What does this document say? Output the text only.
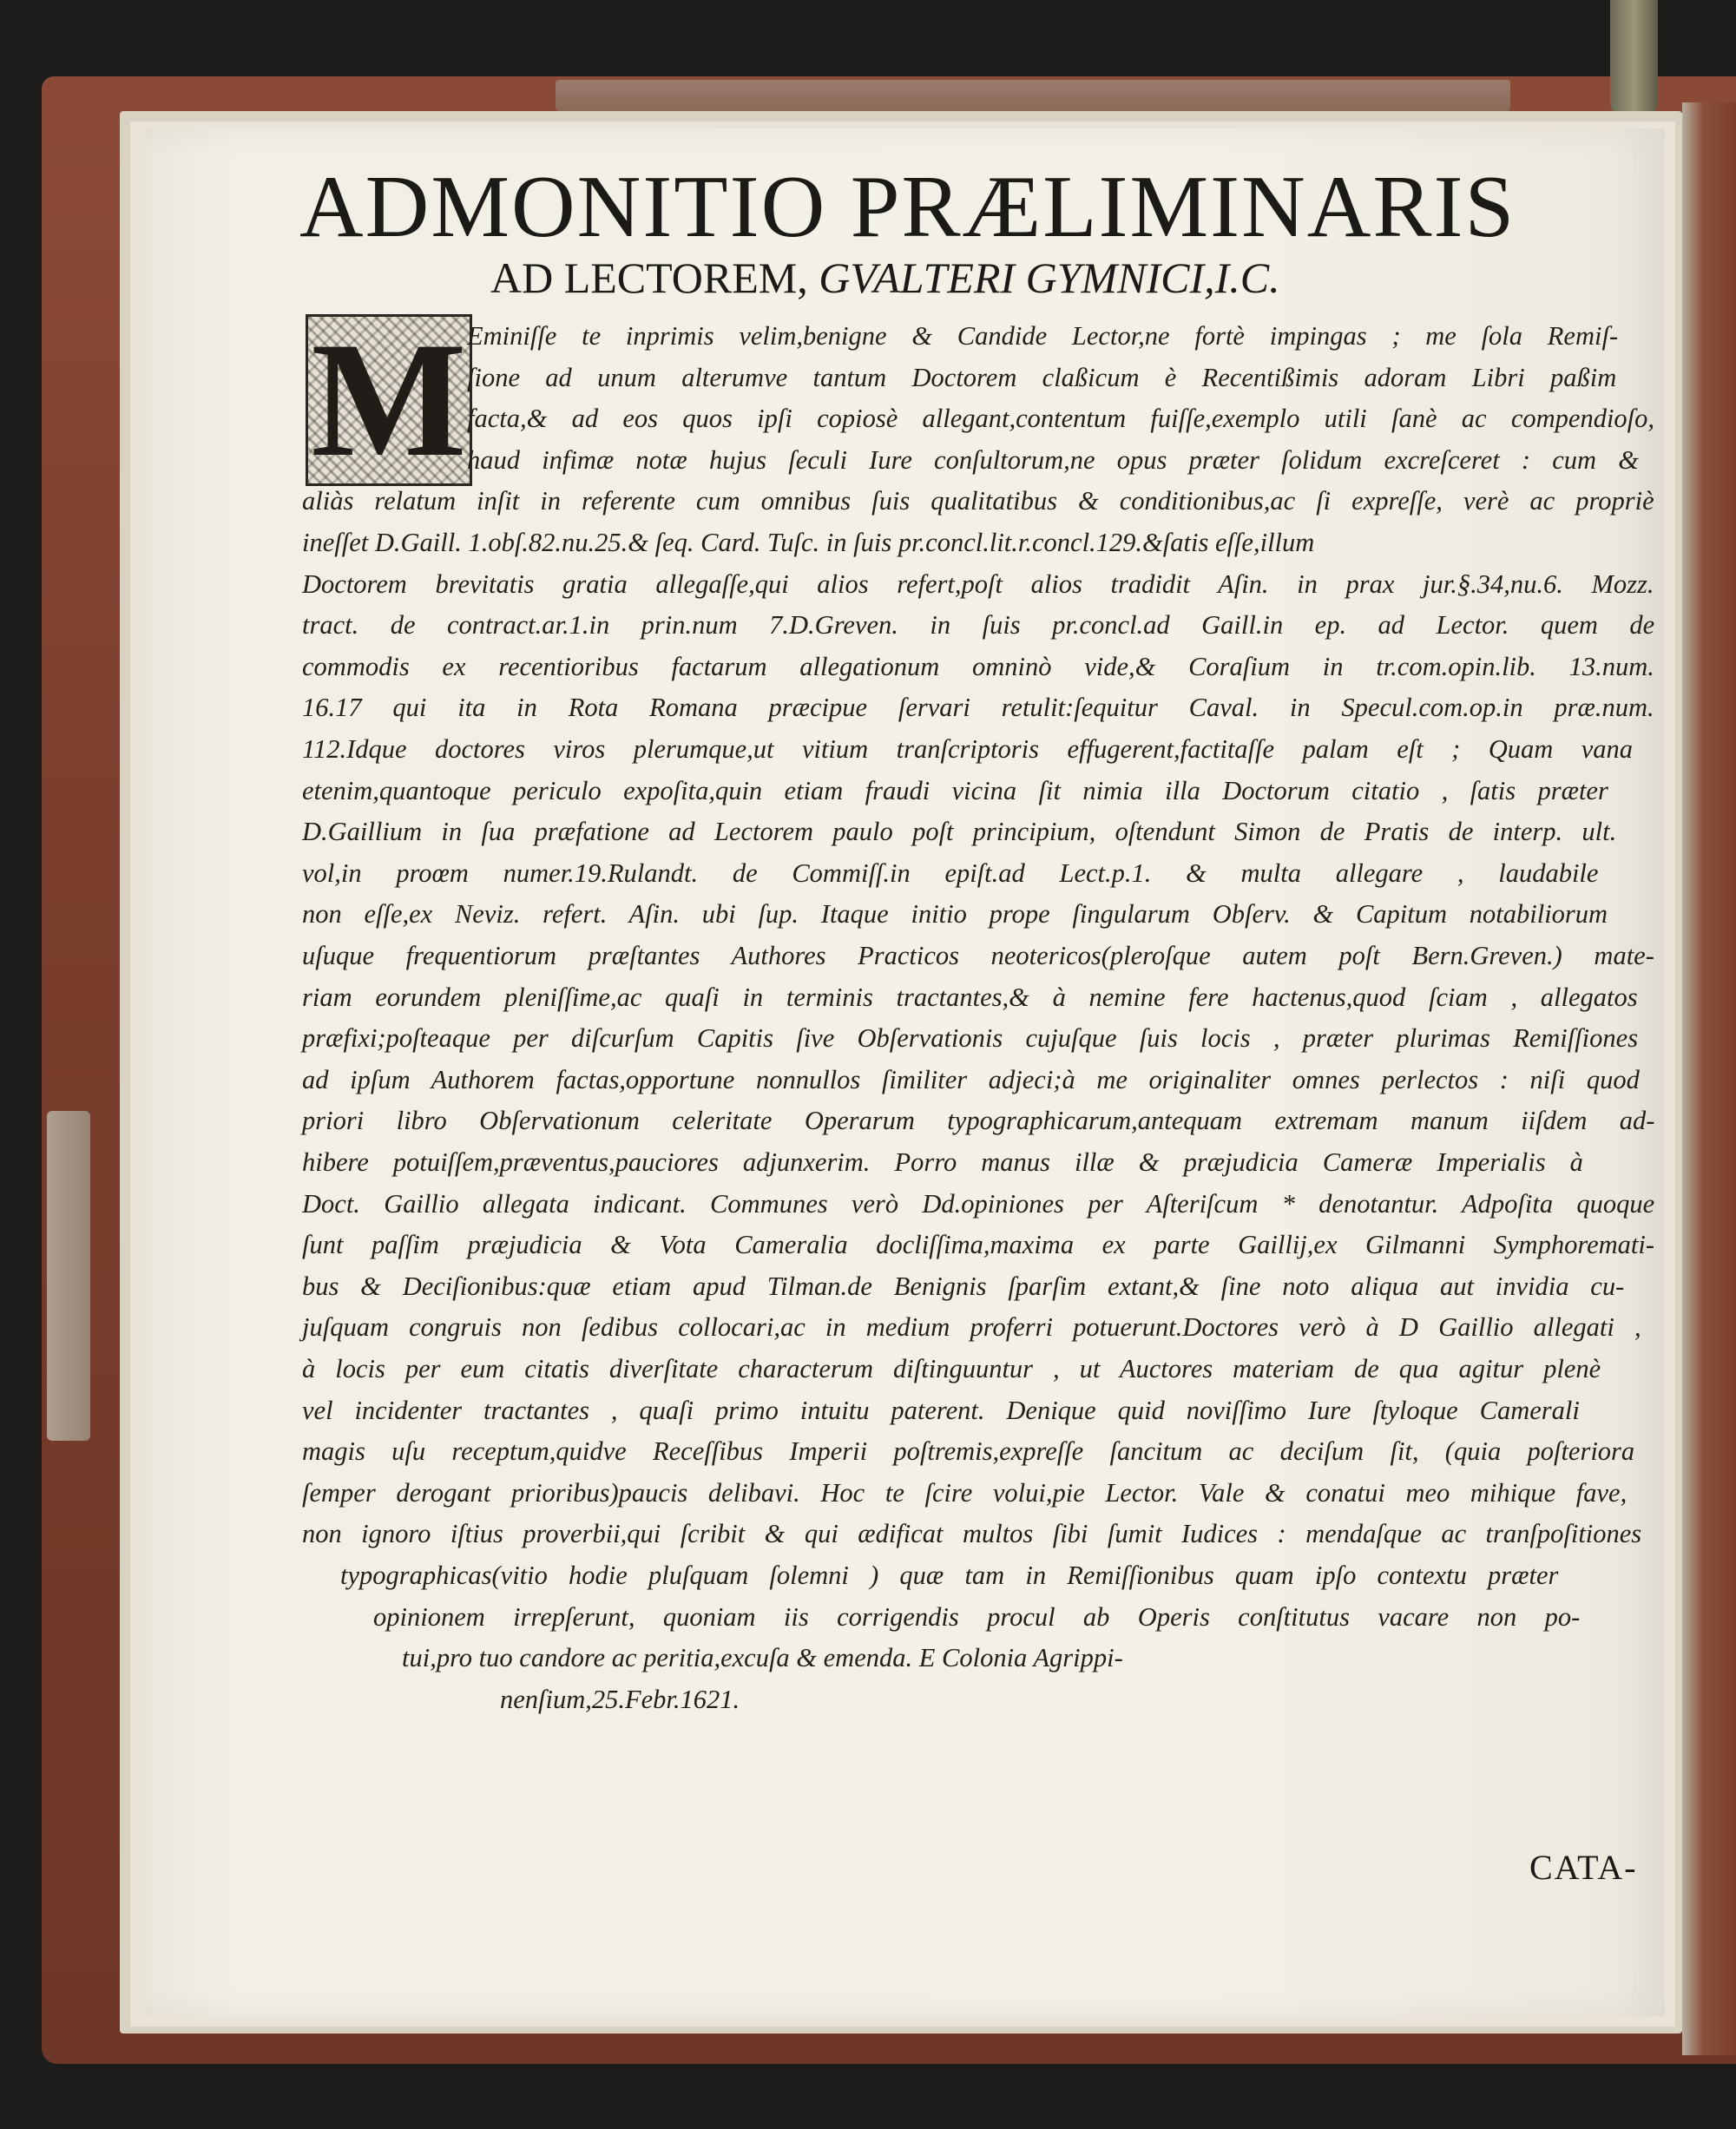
ADMONITIO PRÆLIMINARIS
AD LECTOREM, GVALTERI GYMNICI,I.C.
M Eminiſſe te inprimis velim,benigne & Candide Lector,ne fortè impingas ; me ſola Remiſ-
ſione ad unum alterumve tantum Doctorem claßicum è Recentißimis adoram Libri paßim
facta,& ad eos quos ipſi copiosè allegant,contentum fuiſſe,exemplo utili ſanè ac compendioſo,
haud infimæ notæ hujus ſeculi Iure conſultorum,ne opus præter ſolidum excreſceret : cum &
aliàs relatum inſit in referente cum omnibus ſuis qualitatibus & conditionibus,ac ſi expreſſe, verè ac propriè
ineſſet D.Gaill. 1.obſ.82.nu.25.& ſeq. Card. Tuſc. in ſuis pr.concl.lit.r.concl.129.&ſatis eſſe,illum
Doctorem brevitatis gratia allegaſſe,qui alios refert,poſt alios tradidit Aſin. in prax jur.§.34,nu.6. Mozz.
tract. de contract.ar.1.in prin.num 7.D.Greven. in ſuis pr.concl.ad Gaill.in ep. ad Lector. quem de
commodis ex recentioribus factarum allegationum omninò vide,& Coraſium in tr.com.opin.lib. 13.num.
16.17 qui ita in Rota Romana præcipue ſervari retulit:ſequitur Caval. in Specul.com.op.in præ.num.
112.Idque doctores viros plerumque,ut vitium tranſcriptoris effugerent,factitaſſe palam eſt ; Quam vana
etenim,quantoque periculo expoſita,quin etiam fraudi vicina ſit nimia illa Doctorum citatio , ſatis præter
D.Gaillium in ſua præfatione ad Lectorem paulo poſt principium, oſtendunt Simon de Pratis de interp. ult.
vol,in proœm numer.19.Rulandt. de Commiſſ.in epiſt.ad Lect.p.1. & multa allegare , laudabile
non eſſe,ex Neviz. refert. Aſin. ubi ſup. Itaque initio prope ſingularum Obſerv. & Capitum notabiliorum
uſuque frequentiorum præſtantes Authores Practicos neotericos(pleroſque autem poſt Bern.Greven.) mate-
riam eorundem pleniſſime,ac quaſi in terminis tractantes,& à nemine fere hactenus,quod ſciam , allegatos
præfixi;poſteaque per diſcurſum Capitis ſive Obſervationis cujuſque ſuis locis , præter plurimas Remiſſiones
ad ipſum Authorem factas,opportune nonnullos ſimiliter adjeci;à me originaliter omnes perlectos : niſi quod
priori libro Obſervationum celeritate Operarum typographicarum,antequam extremam manum iiſdem ad-
hibere potuiſſem,præventus,pauciores adjunxerim. Porro manus illæ & præjudicia Cameræ Imperialis à
Doct. Gaillio allegata indicant. Communes verò Dd.opiniones per Aſteriſcum * denotantur. Adpoſita quoque
ſunt paſſim præjudicia & Vota Cameralia docliſſima,maxima ex parte Gaillij,ex Gilmanni Symphoremati-
bus & Deciſionibus:quæ etiam apud Tilman.de Benignis ſparſim extant,& ſine noto aliqua aut invidia cu-
juſquam congruis non ſedibus collocari,ac in medium proferri potuerunt.Doctores verò à D Gaillio allegati ,
à locis per eum citatis diverſitate characterum diſtinguuntur , ut Auctores materiam de qua agitur plenè
vel incidenter tractantes , quaſi primo intuitu paterent. Denique quid noviſſimo Iure ſtyloque Camerali
magis uſu receptum,quidve Receſſibus Imperii poſtremis,expreſſe ſancitum ac deciſum ſit, (quia poſteriora
ſemper derogant prioribus)paucis delibavi. Hoc te ſcire volui,pie Lector. Vale & conatui meo mihique fave,
non ignoro iſtius proverbii,qui ſcribit & qui ædificat multos ſibi ſumit Iudices : mendaſque ac tranſpoſitiones
typographicas(vitio hodie pluſquam ſolemni ) quæ tam in Remiſſionibus quam ipſo contextu præter
opinionem irrepſerunt, quoniam iis corrigendis procul ab Operis conſtitutus vacare non po-
tui,pro tuo candore ac peritia,excuſa & emenda. E Colonia Agrippi-
nenſium,25.Febr.1621.
CATA-
